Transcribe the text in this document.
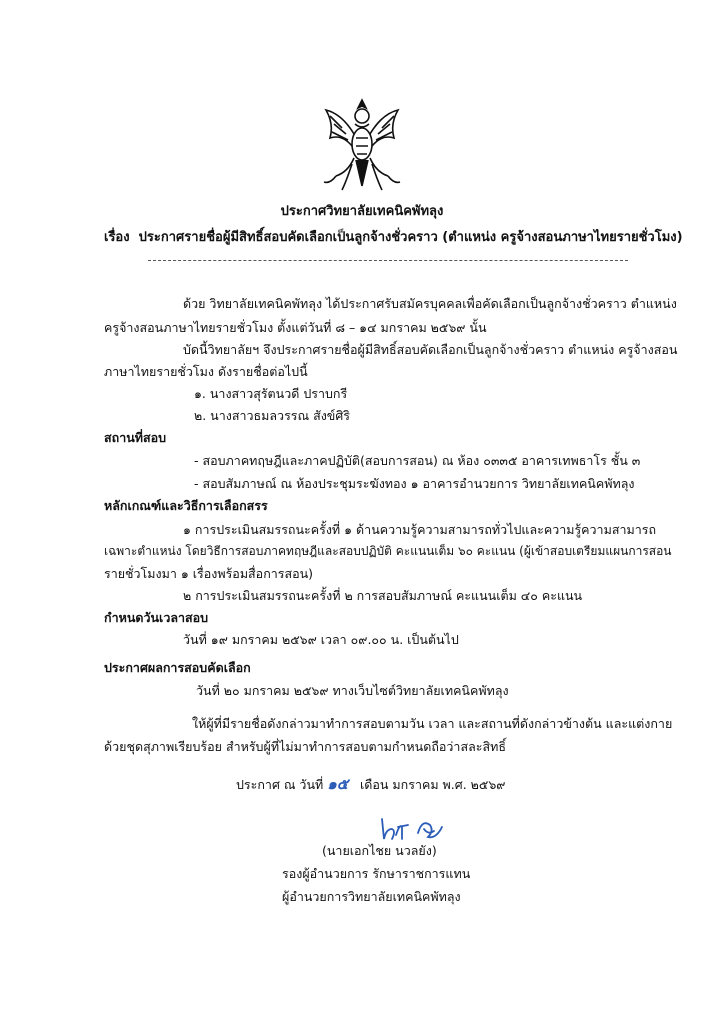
ประกาศวิทยาลัยเทคนิคพัทลุง
เรื่อง ประกาศรายชื่อผู้มีสิทธิ์สอบคัดเลือกเป็นลูกจ้างชั่วคราว (ตำแหน่ง ครูจ้างสอนภาษาไทยรายชั่วโมง)
ด้วย วิทยาลัยเทคนิคพัทลุง ได้ประกาศรับสมัครบุคคลเพื่อคัดเลือกเป็นลูกจ้างชั่วคราว ตำแหน่ง
ครูจ้างสอนภาษาไทยรายชั่วโมง ตั้งแต่วันที่ ๘ – ๑๔ มกราคม ๒๕๖๙ นั้น
บัดนี้วิทยาลัยฯ จึงประกาศรายชื่อผู้มีสิทธิ์สอบคัดเลือกเป็นลูกจ้างชั่วคราว ตำแหน่ง ครูจ้างสอน
ภาษาไทยรายชั่วโมง ดังรายชื่อต่อไปนี้
๑. นางสาวสุรัตนวดี ปราบกรี
๒. นางสาวธมลวรรณ สังข์ศิริ
สถานที่สอบ
- สอบภาคทฤษฎีและภาคปฏิบัติ(สอบการสอน) ณ ห้อง ๐๓๓๕ อาคารเทพธาโร ชั้น ๓
- สอบสัมภาษณ์ ณ ห้องประชุมระฆังทอง ๑ อาคารอำนวยการ วิทยาลัยเทคนิคพัทลุง
หลักเกณฑ์และวิธีการเลือกสรร
๑ การประเมินสมรรถนะครั้งที่ ๑ ด้านความรู้ความสามารถทั่วไปและความรู้ความสามารถ
เฉพาะตำแหน่ง โดยวิธีการสอบภาคทฤษฎีและสอบปฏิบัติ คะแนนเต็ม ๖๐ คะแนน (ผู้เข้าสอบเตรียมแผนการสอน
รายชั่วโมงมา ๑ เรื่องพร้อมสื่อการสอน)
๒ การประเมินสมรรถนะครั้งที่ ๒ การสอบสัมภาษณ์ คะแนนเต็ม ๔๐ คะแนน
กำหนดวันเวลาสอบ
วันที่ ๑๙ มกราคม ๒๕๖๙ เวลา ๐๙.๐๐ น. เป็นต้นไป
ประกาศผลการสอบคัดเลือก
วันที่ ๒๐ มกราคม ๒๕๖๙ ทางเว็บไซต์วิทยาลัยเทคนิคพัทลุง
ให้ผู้ที่มีรายชื่อดังกล่าวมาทำการสอบตามวัน เวลา และสถานที่ดังกล่าวข้างต้น และแต่งกาย
ด้วยชุดสุภาพเรียบร้อย สำหรับผู้ที่ไม่มาทำการสอบตามกำหนดถือว่าสละสิทธิ์
ประกาศ ณ วันที่ ๑๕ เดือน มกราคม พ.ศ. ๒๕๖๙
(นายเอกไชย นวลยัง)
รองผู้อำนวยการ รักษาราชการแทน
ผู้อำนวยการวิทยาลัยเทคนิคพัทลุง
